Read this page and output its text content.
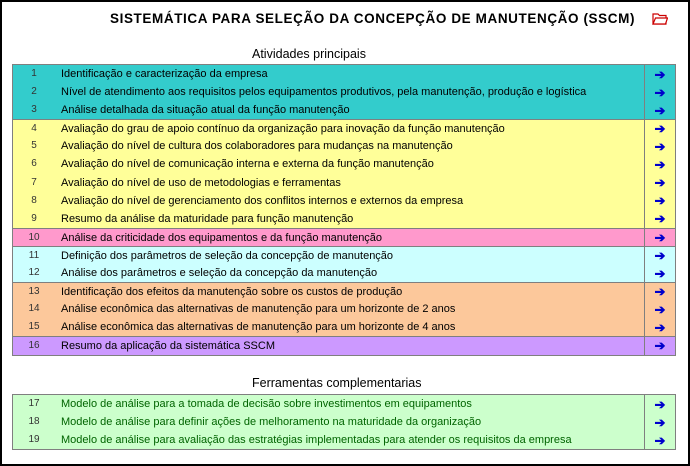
SISTEMÁTICA PARA SELEÇÃO DA CONCEPÇÃO DE MANUTENÇÃO (SSCM)
Atividades principais
1	Identificação e caracterização da empresa	➔
2	Nível de atendimento aos requisitos pelos equipamentos produtivos, pela manutenção, produção e logística	➔
3	Análise detalhada da situação atual da função manutenção	➔
4	Avaliação do grau de apoio contínuo da organização para inovação da função manutenção	➔
5	Avaliação do nível de cultura dos colaboradores para mudanças na manutenção	➔
6	Avaliação do nível de comunicação interna e externa da função manutenção	➔
7	Avaliação do nível de uso de metodologias e ferramentas	➔
8	Avaliação do nível de gerenciamento dos conflitos internos e externos da empresa	➔
9	Resumo da análise da maturidade para função manutenção	➔
10	Análise da criticidade dos equipamentos e da função manutenção	➔
11	Definição dos parâmetros de seleção da concepção de manutenção	➔
12	Análise dos parâmetros e seleção da concepção da manutenção	➔
13	Identificação dos efeitos da manutenção sobre os custos de produção	➔
14	Análise econômica das alternativas de manutenção para um horizonte de 2 anos	➔
15	Análise econômica das alternativas de manutenção para um horizonte de 4 anos	➔
16	Resumo da aplicação da sistemática SSCM	➔
Ferramentas complementarias
17	Modelo de análise para a tomada de decisão sobre investimentos em equipamentos	➔
18	Modelo de análise para definir ações de melhoramento na maturidade da organização	➔
19	Modelo de análise para avaliação das estratégias implementadas para atender os requisitos da empresa	➔
